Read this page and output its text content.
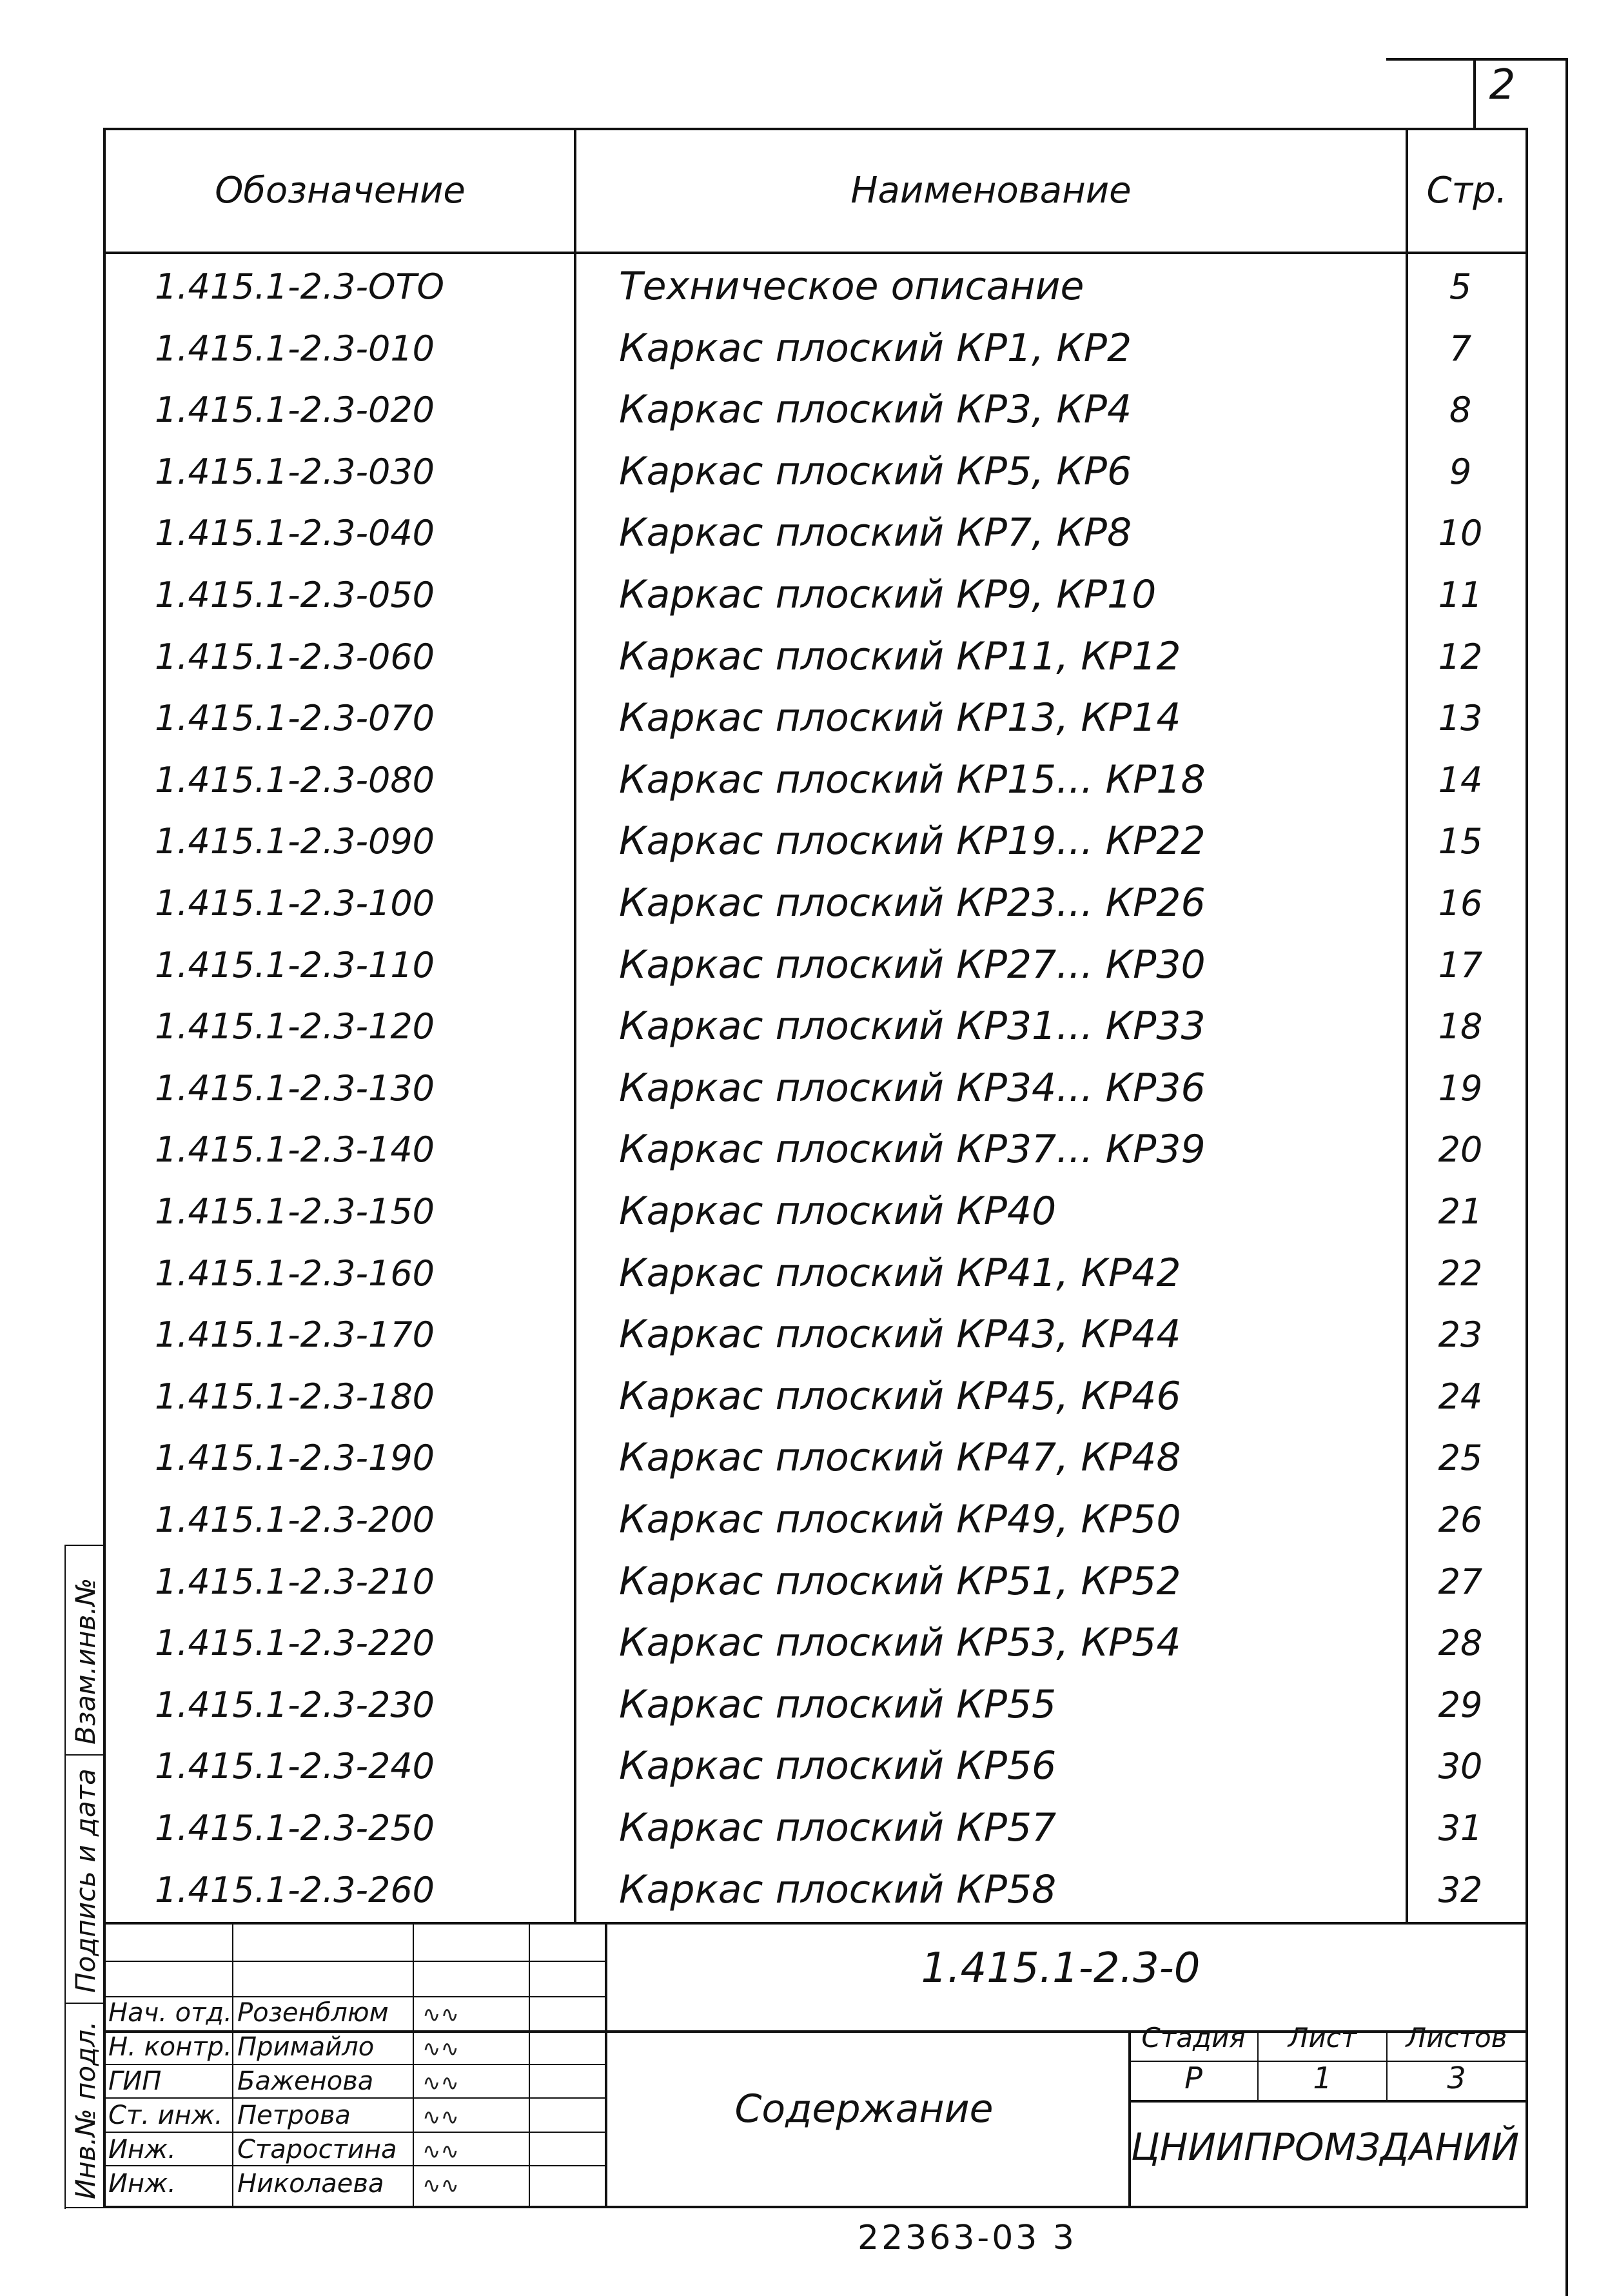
2
Обозначение	Наименование	Стр.
1.415.1-2.3-ОТО	Техническое описание	5
1.415.1-2.3-010	Каркас плоский КР1, КР2	7
1.415.1-2.3-020	Каркас плоский КР3, КР4	8
1.415.1-2.3-030	Каркас плоский КР5, КР6	9
1.415.1-2.3-040	Каркас плоский КР7, КР8	10
1.415.1-2.3-050	Каркас плоский КР9, КР10	11
1.415.1-2.3-060	Каркас плоский КР11, КР12	12
1.415.1-2.3-070	Каркас плоский КР13, КР14	13
1.415.1-2.3-080	Каркас плоский КР15... КР18	14
1.415.1-2.3-090	Каркас плоский КР19... КР22	15
1.415.1-2.3-100	Каркас плоский КР23... КР26	16
1.415.1-2.3-110	Каркас плоский КР27... КР30	17
1.415.1-2.3-120	Каркас плоский КР31... КР33	18
1.415.1-2.3-130	Каркас плоский КР34... КР36	19
1.415.1-2.3-140	Каркас плоский КР37... КР39	20
1.415.1-2.3-150	Каркас плоский КР40	21
1.415.1-2.3-160	Каркас плоский КР41, КР42	22
1.415.1-2.3-170	Каркас плоский КР43, КР44	23
1.415.1-2.3-180	Каркас плоский КР45, КР46	24
1.415.1-2.3-190	Каркас плоский КР47, КР48	25
1.415.1-2.3-200	Каркас плоский КР49, КР50	26
1.415.1-2.3-210	Каркас плоский КР51, КР52	27
1.415.1-2.3-220	Каркас плоский КР53, КР54	28
1.415.1-2.3-230	Каркас плоский КР55	29
1.415.1-2.3-240	Каркас плоский КР56	30
1.415.1-2.3-250	Каркас плоский КР57	31
1.415.1-2.3-260	Каркас плоский КР58	32
1.415.1-2.3-0
Содержание
Стадия	Лист	Листов
Р	1	3
ЦНИИПРОМЗДАНИЙ
Нач. отд. Розенблюм ∿∿
Н. контр. Примайло ∿∿
ГИП	Баженова ∿∿
Ст. инж. Петрова	∿∿
Инж. Старостина ∿∿
Инж. Николаева ∿∿
Инв.№ подл.
Подпись и дата
Взам.инв.№
22363-03 3
